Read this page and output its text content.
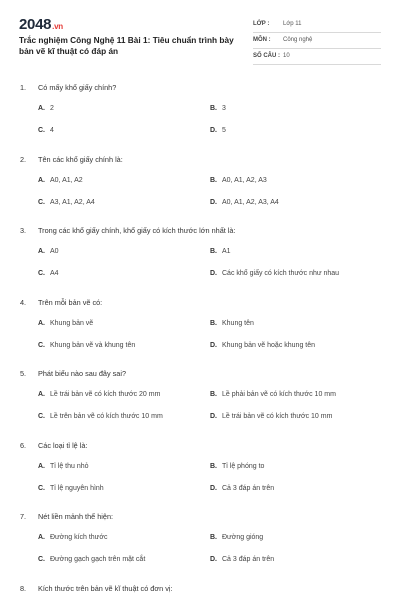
2048.vn
Trắc nghiệm Công Nghệ 11 Bài 1: Tiêu chuẩn trình bày bản vẽ kĩ thuật có đáp án
LỚP : Lớp 11
MÔN : Công nghệ
SỐ CÂU : 10
1. Có mấy khổ giấy chính?
A. 2	B. 3
C. 4	D. 5
2. Tên các khổ giấy chính là:
A. A0, A1, A2	B. A0, A1, A2, A3
C. A3, A1, A2, A4	D. A0, A1, A2, A3, A4
3. Trong các khổ giấy chính, khổ giấy có kích thước lớn nhất là:
A. A0	B. A1
C. A4	D. Các khổ giấy có kích thước như nhau
4. Trên mỗi bản vẽ có:
A. Khung bản vẽ	B. Khung tên
C. Khung bản vẽ và khung tên	D. Khung bản vẽ hoặc khung tên
5. Phát biểu nào sau đây sai?
A. Lề trái bản vẽ có kích thước 20 mm	B. Lề phải bản vẽ có kích thước 10 mm
C. Lề trên bản vẽ có kích thước 10 mm	D. Lề trái bản vẽ có kích thước 10 mm
6. Các loại tỉ lệ là:
A. Tỉ lệ thu nhỏ	B. Tỉ lệ phóng to
C. Tỉ lệ nguyên hình	D. Cả 3 đáp án trên
7. Nét liền mảnh thể hiện:
A. Đường kích thước	B. Đường gióng
C. Đường gạch gạch trên mặt cắt	D. Cả 3 đáp án trên
8. Kích thước trên bản vẽ kĩ thuật có đơn vị:
